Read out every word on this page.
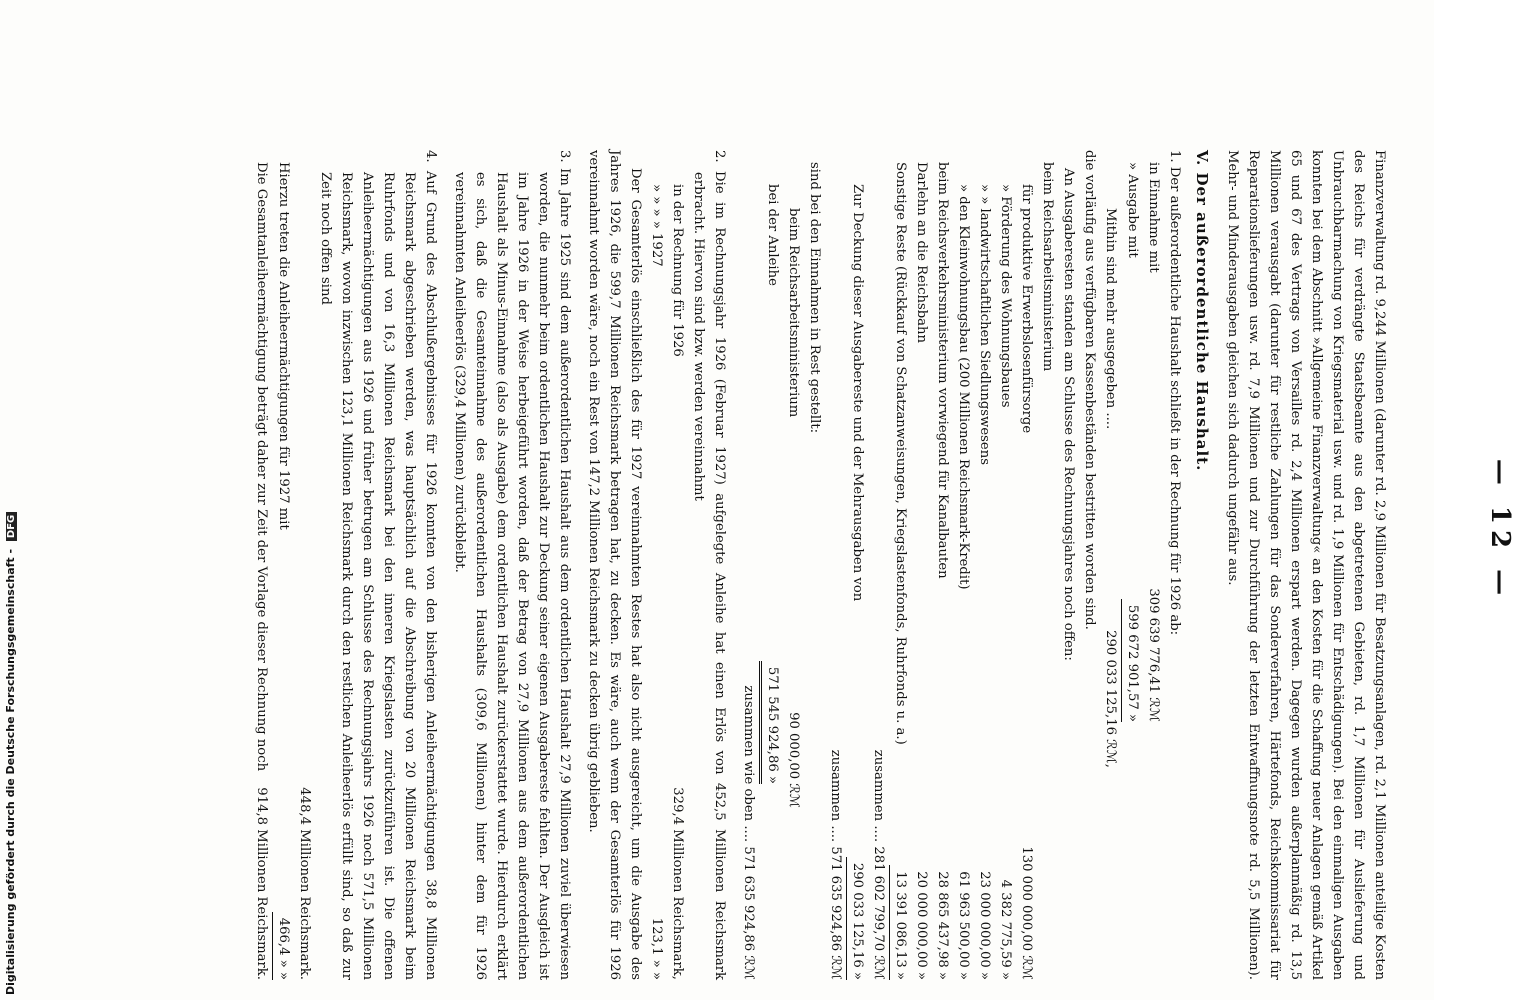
— 12 —

Finanzverwaltung rd. 9,244 Millionen (darunter rd. 2,9 Millionen für Besatzungsanlagen, rd. 2,1 Millionen anteilige Kosten des Reichs für verdrängte Staatsbeamte aus den abgetretenen Gebieten, rd. 1,7 Millionen für Auslieferung und Unbrauchbarmachung von Kriegsmaterial usw. und rd. 1,9 Millionen für Entschädigungen). Bei den einmaligen Ausgaben konnten bei dem Abschnitt »Allgemeine Finanzverwaltung« an den Kosten für die Schaffung neuer Anlagen gemäß Artikel 65 und 67 des Vertrags von Versailles rd. 2,4 Millionen erspart werden. Dagegen wurden außerplanmäßig rd. 13,5 Millionen verausgabt (darunter für restliche Zahlungen für das Sonderverfahren, Härtefonds, Reichskommissariat für Reparationslieferungen usw. rd. 7,9 Millionen und zur Durchführung der letzten Entwaffnungsnote rd. 5,5 Millionen). Mehr- und Minderausgaben gleichen sich dadurch ungefähr aus.

V. Der außerordentliche Haushalt.

1. Der außerordentliche Haushalt schließt in der Rechnung für 1926 ab:

in Einnahme mit
309 639 776,41 ℛℳ
» Ausgabe mit
599 672 901,57 »
Mithin sind mehr ausgegeben ....
290 033 125,16 ℛℳ,

die vorläufig aus verfügbaren Kassenbeständen bestritten worden sind.

An Ausgaberesten standen am Schlusse des Rechnungsjahres noch offen:

beim Reichsarbeitsministerium

für produktive Erwerbslosenfürsorge
130 000 000,00 ℛℳ
» Förderung des Wohnungsbaues
4 382 775,59 »
» » landwirtschaftlichen Siedlungswesens
23 000 000,00 »
» den Kleinwohnungsbau (200 Millionen Reichsmark-Kredit)
61 963 500,00 »
beim Reichsverkehrsministerium vorwiegend für Kanalbauten
28 865 437,98 »
Darlehn an die Reichsbahn
20 000 000,00 »
Sonstige Reste (Rückkauf von Schatzanweisungen, Kriegslastenfonds, Ruhrfonds u. a.)
13 391 086,13 »
zusammen .... 281 602 799,70 ℛℳ
Zur Deckung dieser Ausgabereste und der Mehrausgaben von
290 033 125,16 »
zusammen .... 571 635 924,86 ℛℳ

sind bei den Einnahmen in Rest gestellt:

beim Reichsarbeitsministerium
90 000,00 ℛℳ
bei der Anleihe
571 545 924,86 »
zusammen wie oben .... 571 635 924,86 ℛℳ

2. Die im Rechnungsjahr 1926 (Februar 1927) aufgelegte Anleihe hat einen Erlös von 452,5 Millionen Reichsmark erbracht. Hiervon sind bzw. werden vereinnahmt

in der Rechnung für 1926
329,4 Millionen Reichsmark,
» » » » 1927
123,1 » »

Der Gesamterlös einschließlich des für 1927 vereinnahmten Restes hat also nicht ausgereicht, um die Ausgabe des Jahres 1926, die 599,7 Millionen Reichsmark betragen hat, zu decken. Es wäre, auch wenn der Gesamterlös für 1926 vereinnahmt worden wäre, noch ein Rest von 147,2 Millionen Reichsmark zu decken übrig geblieben.

3. Im Jahre 1925 sind dem außerordentlichen Haushalt aus dem ordentlichen Haushalt 27,9 Millionen zuviel überwiesen worden, die nunmehr beim ordentlichen Haushalt zur Deckung seiner eigenen Ausgabereste fehlten. Der Ausgleich ist im Jahre 1926 in der Weise herbeigeführt worden, daß der Betrag von 27,9 Millionen aus dem außerordentlichen Haushalt als Minus-Einnahme (also als Ausgabe) dem ordentlichen Haushalt zurückerstattet wurde. Hierdurch erklärt es sich, daß die Gesamteinnahme des außerordentlichen Haushalts (309,6 Millionen) hinter dem für 1926 vereinnahmten Anleiheerlös (329,4 Millionen) zurückbleibt.

4. Auf Grund des Abschlußergebnisses für 1926 konnten von den bisherigen Anleiheermächtigungen 38,8 Millionen Reichsmark abgeschrieben werden, was hauptsächlich auf die Abschreibung von 20 Millionen Reichsmark beim Ruhrfonds und von 16,3 Millionen Reichsmark bei den inneren Kriegslasten zurückzuführen ist. Die offenen Anleiheermächtigungen aus 1926 und früher betrugen am Schlusse des Rechnungsjahrs 1926 noch 571,5 Millionen Reichsmark, wovon inzwischen 123,1 Millionen Reichsmark durch den restlichen Anleiheerlös erfüllt sind, so daß zur Zeit noch offen sind

448,4 Millionen Reichsmark.
Hierzu treten die Anleiheermächtigungen für 1927 mit
466,4 » »
Die Gesamtanleiheermächtigung beträgt daher zur Zeit der Vorlage dieser Rechnung noch
914,8 Millionen Reichsmark.
Digitalisierung gefördert durch die Deutsche Forschungsgemeinschaft - DFG
